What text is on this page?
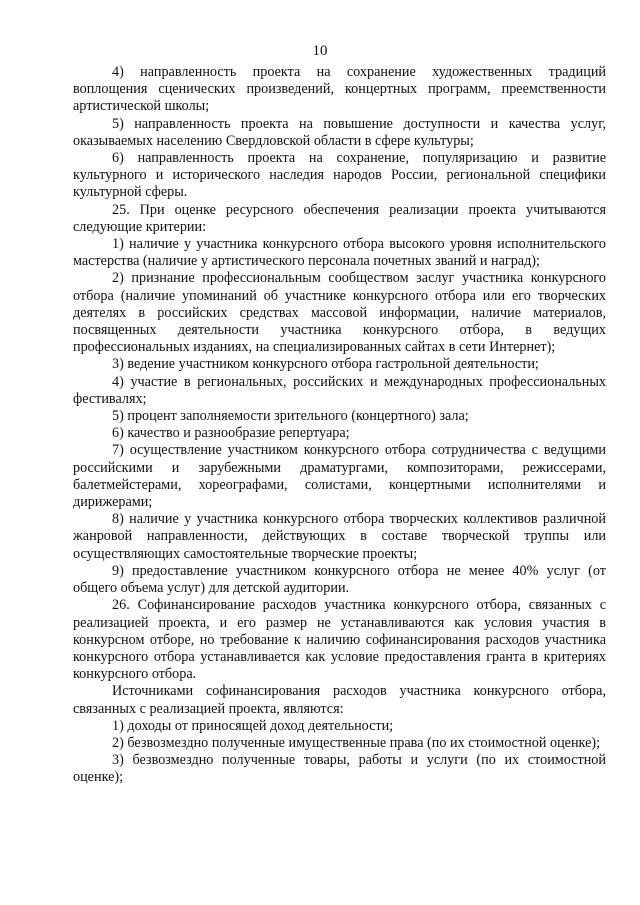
10

4) направленность проекта на сохранение художественных традиций воплощения сценических произведений, концертных программ, преемственности артистической школы;

5) направленность проекта на повышение доступности и качества услуг, оказываемых населению Свердловской области в сфере культуры;

6) направленность проекта на сохранение, популяризацию и развитие культурного и исторического наследия народов России, региональной специфики культурной сферы.

25. При оценке ресурсного обеспечения реализации проекта учитываются следующие критерии:

1) наличие у участника конкурсного отбора высокого уровня исполнительского мастерства (наличие у артистического персонала почетных званий и наград);

2) признание профессиональным сообществом заслуг участника конкурсного отбора (наличие упоминаний об участнике конкурсного отбора или его творческих деятелях в российских средствах массовой информации, наличие материалов, посвященных деятельности участника конкурсного отбора, в ведущих профессиональных изданиях, на специализированных сайтах в сети Интернет);

3) ведение участником конкурсного отбора гастрольной деятельности;

4) участие в региональных, российских и международных профессиональных фестивалях;

5) процент заполняемости зрительного (концертного) зала;

6) качество и разнообразие репертуара;

7) осуществление участником конкурсного отбора сотрудничества с ведущими российскими и зарубежными драматургами, композиторами, режиссерами, балетмейстерами, хореографами, солистами, концертными исполнителями и дирижерами;

8) наличие у участника конкурсного отбора творческих коллективов различной жанровой направленности, действующих в составе творческой труппы или осуществляющих самостоятельные творческие проекты;

9) предоставление участником конкурсного отбора не менее 40% услуг (от общего объема услуг) для детской аудитории.

26. Софинансирование расходов участника конкурсного отбора, связанных с реализацией проекта, и его размер не устанавливаются как условия участия в конкурсном отборе, но требование к наличию софинансирования расходов участника конкурсного отбора устанавливается как условие предоставления гранта в критериях конкурсного отбора.

Источниками софинансирования расходов участника конкурсного отбора, связанных с реализацией проекта, являются:

1) доходы от приносящей доход деятельности;

2) безвозмездно полученные имущественные права (по их стоимостной оценке);

3) безвозмездно полученные товары, работы и услуги (по их стоимостной оценке);
